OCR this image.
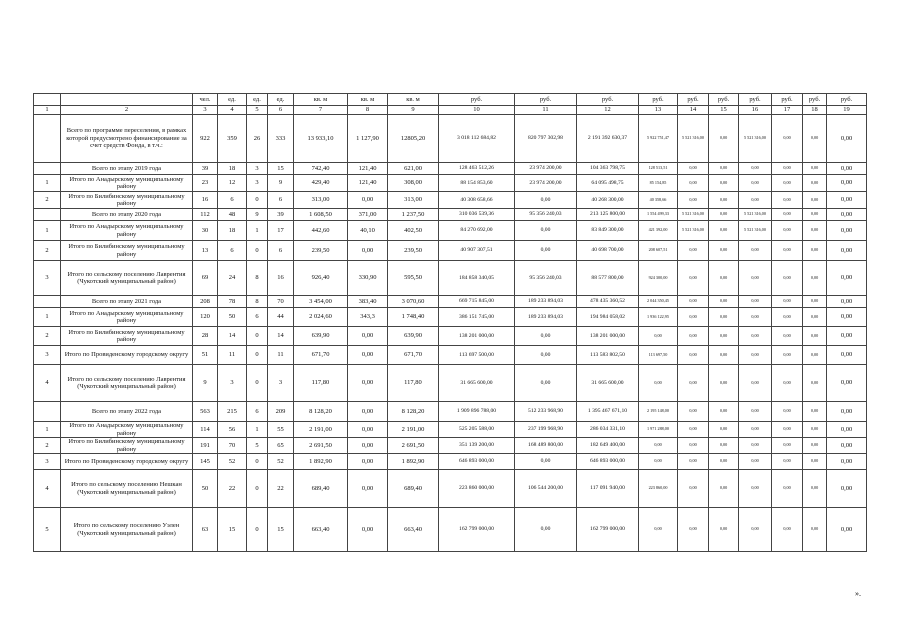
		чел.	ед.	ед.	ед.	кв. м	кв. м	кв. м	руб.	руб.	руб.	руб.	руб.	руб.	руб.	руб.	руб.	руб.
1	2	3	4	5	6	7	8	9	10	11	12	13	14	15	16	17	18	19
	Всего по программе переселения, в рамках которой предусмотрено финансирование за счет средств Фонда, в т.ч.:	922	359	26	333	13 933,10	1 127,90	12805,20	3 018 112 684,82	820 797 302,98	2 191 392 630,37	5 922 751,47	5 521 316,00	0,00	5 521 316,00	0,00	0,00	0,00
	Всего по этапу 2019 года	39	18	3	15	742,40	121,40	621,00	128 463 512,26	23 974 200,00	104 363 798,75	128 513,51	0,00	0,00	0,00	0,00	0,00	0,00
1	Итого по Анадырскому муниципальному району	23	12	3	9	429,40	121,40	308,00	88 154 853,60	23 974 200,00	64 095 498,75	85 154,85	0,00	0,00	0,00	0,00	0,00	0,00
2	Итого по Билибинскому муниципальному району	16	6	0	6	313,00	0,00	313,00	40 308 658,66	0,00	40 268 300,00	40 358,66	0,00	0,00	0,00	0,00	0,00	0,00
	Всего по этапу 2020 года	112	48	9	39	1 608,50	371,00	1 237,50	310 036 539,36	95 356 240,03	213 125 800,00	1 554 499,33	5 521 316,00	0,00	5 521 316,00	0,00	0,00	0,00
1	Итого по Анадырскому муниципальному району	30	18	1	17	442,60	40,10	402,50	84 270 692,00	0,00	83 849 300,00	421 392,00	5 521 316,00	0,00	5 521 316,00	0,00	0,00	0,00
2	Итого по Билибинскому муниципальному району	13	6	0	6	239,50	0,00	239,50	40 907 307,51	0,00	40 698 700,00	208 607,51	0,00	0,00	0,00	0,00	0,00	0,00
3	Итого по сельскому поселению Лаврентия (Чукотский муниципальный район)	69	24	8	16	926,40	330,90	595,50	184 858 340,05	95 356 240,03	88 577 800,00	924 300,00	0,00	0,00	0,00	0,00	0,00	0,00
	Всего по этапу 2021 года	208	78	8	70	3 454,00	383,40	3 070,60	669 715 845,00	189 233 894,03	478 435 360,52	2 044 350,45	0,00	0,00	0,00	0,00	0,00	0,00
1	Итого по Анадырскому муниципальному району	120	50	6	44	2 024,60	343,3	1 748,40	386 151 745,00	189 233 894,03	194 984 058,02	1 936 122,95	0,00	0,00	0,00	0,00	0,00	0,00
2	Итого по Билибинскому муниципальному району	28	14	0	14	639,90	0,00	639,90	138 201 000,00	0,00	138 201 000,00	0,00	0,00	0,00	0,00	0,00	0,00	0,00
3	Итого по Провиденскому городскому округу	51	11	0	11	671,70	0,00	671,70	113 697 500,00	0,00	113 583 802,50	113 697,50	0,00	0,00	0,00	0,00	0,00	0,00
4	Итого по сельскому поселению Лаврентия (Чукотский муниципальный район)	9	3	0	3	117,80	0,00	117,80	31 665 600,00	0,00	31 665 600,00	0,00	0,00	0,00	0,00	0,00	0,00	0,00
	Всего по этапу 2022 года	563	215	6	209	8 128,20	0,00	8 128,20	1 909 896 788,00	512 233 968,90	1 395 467 671,10	2 195 148,00	0,00	0,00	0,00	0,00	0,00	0,00
1	Итого по Анадырскому муниципальному району	114	56	1	55	2 191,00	0,00	2 191,00	525 205 588,00	237 199 968,90	286 034 331,10	1 971 288,00	0,00	0,00	0,00	0,00	0,00	0,00
2	Итого по Билибинскому муниципальному району	191	70	5	65	2 691,50	0,00	2 691,50	351 139 200,00	168 489 800,00	182 649 400,00	0,00	0,00	0,00	0,00	0,00	0,00	0,00
3	Итого по Провиденскому городскому округу	145	52	0	52	1 892,90	0,00	1 892,90	646 893 000,00	0,00	646 893 000,00	0,00	0,00	0,00	0,00	0,00	0,00	0,00
4	Итого по сельскому поселению Нешкан (Чукотский муниципальный район)	50	22	0	22	689,40	0,00	689,40	223 860 000,00	106 544 200,00	117 091 940,00	223 860,00	0,00	0,00	0,00	0,00	0,00	0,00
5	Итого по сельскому поселению Уэлен (Чукотский муниципальный район)	63	15	0	15	663,40	0,00	663,40	162 799 000,00	0,00	162 799 000,00	0,00	0,00	0,00	0,00	0,00	0,00	0,00
».
